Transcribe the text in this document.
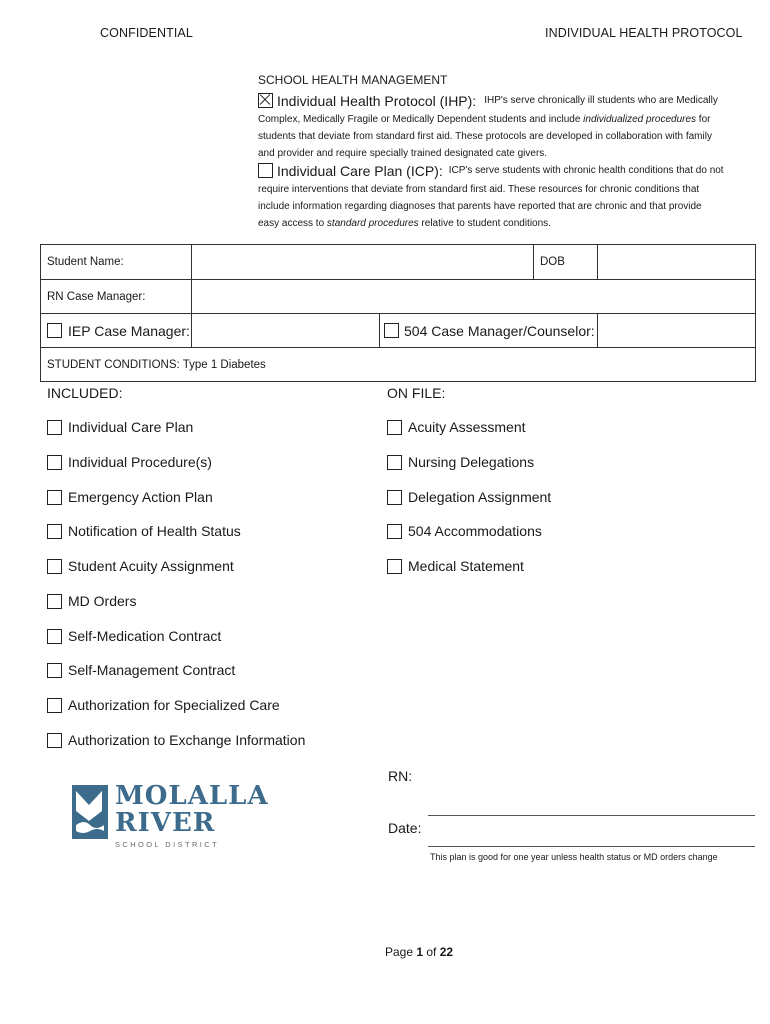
CONFIDENTIAL	INDIVIDUAL HEALTH PROTOCOL
SCHOOL HEALTH MANAGEMENT
Individual Health Protocol (IHP): IHP's serve chronically ill students who are Medically
Complex, Medically Fragile or Medically Dependent students and include individualized procedures for
students that deviate from standard first aid. These protocols are developed in collaboration with family
and provider and require specially trained designated cate givers.
Individual Care Plan (ICP): ICP's serve students with chronic health conditions that do not
require interventions that deviate from standard first aid. These resources for chronic conditions that
include information regarding diagnoses that parents have reported that are chronic and that provide
easy access to standard procedures relative to student conditions.
Student Name:			DOB	
RN Case Manager:				

IEP Case Manager:		504 Case Manager/Counselor:		

STUDENT CONDITIONS: Type 1 Diabetes				
INCLUDED:	ON FILE:
Individual Care Plan
Individual Procedure(s)
Emergency Action Plan
Notification of Health Status
Student Acuity Assignment
MD Orders
Self-Medication Contract
Self-Management Contract
Authorization for Specialized Care
Authorization to Exchange Information
Acuity Assessment
Nursing Delegations
Delegation Assignment
504 Accommodations
Medical Statement
MOLALLA
RIVER
SCHOOL DISTRICT
RN:
Date:
This plan is good for one year unless health status or MD orders change
Page 1 of 22
